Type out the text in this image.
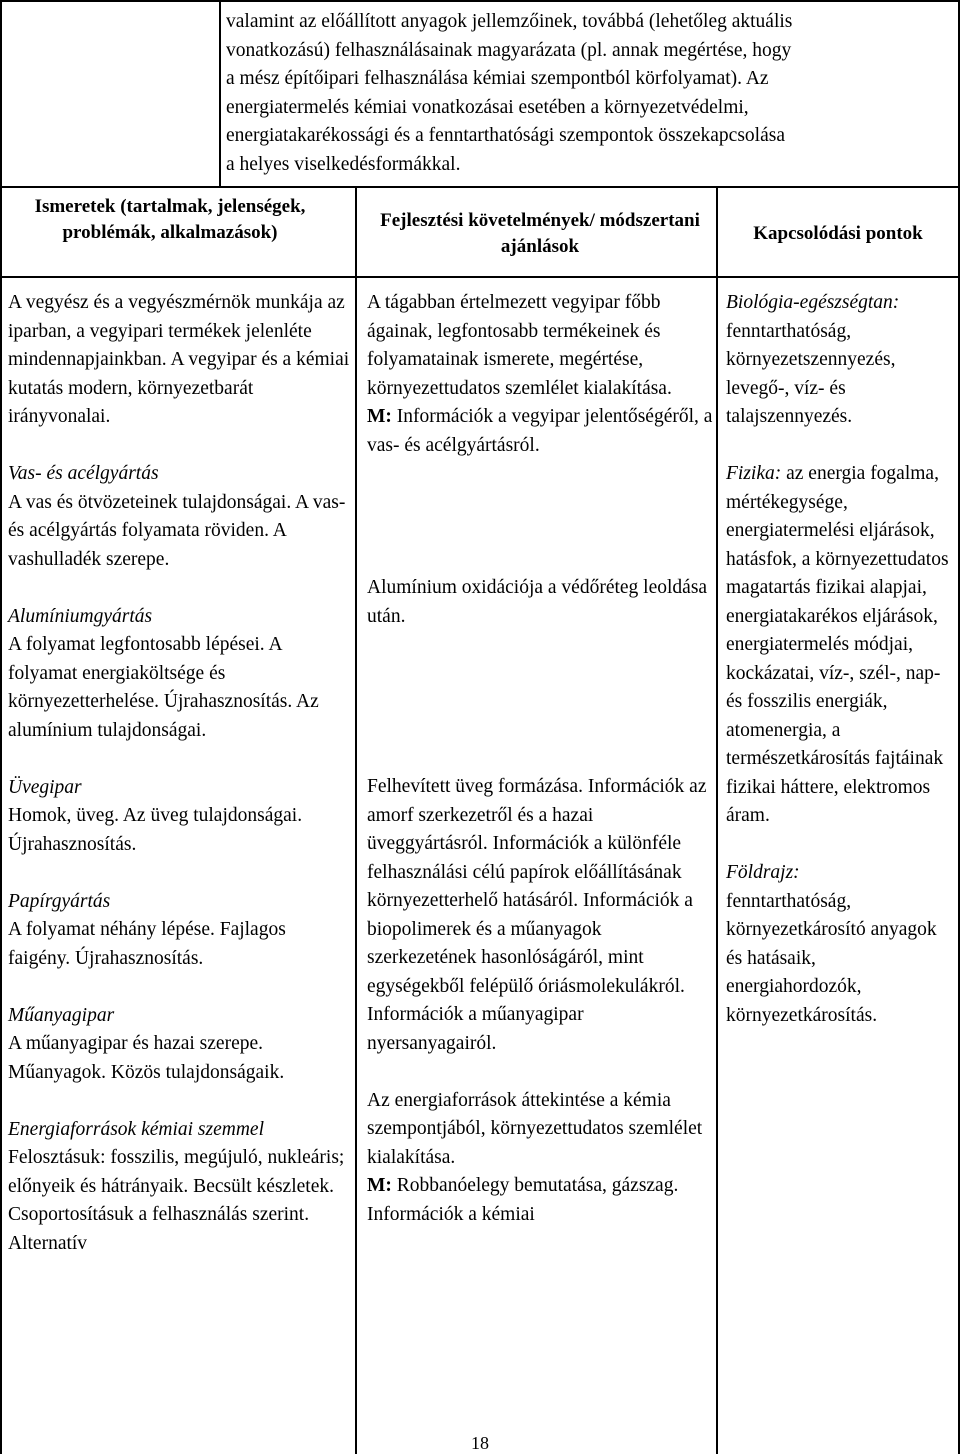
valamint az előállított anyagok jellemzőinek, továbbá (lehetőleg aktuális
vonatkozású) felhasználásainak magyarázata (pl. annak megértése, hogy
a mész építőipari felhasználása kémiai szempontból körfolyamat). Az
energiatermelés kémiai vonatkozásai esetében a környezetvédelmi,
energiatakarékossági és a fenntarthatósági szempontok összekapcsolása
a helyes viselkedésformákkal.
Ismeretek (tartalmak, jelenségek, problémák, alkalmazások)
Fejlesztési követelmények/ módszertani ajánlások
Kapcsolódási pontok

A vegyész és a vegyészmérnök munkája az iparban, a vegyipari termékek jelenléte mindennapjainkban. A vegyipar és a kémiai kutatás modern, környezetbarát irányvonalai.

Vas- és acélgyártás

A vas és ötvözeteinek tulajdonságai. A vas- és acélgyártás folyamata röviden. A vashulladék szerepe.

Alumíniumgyártás

A folyamat legfontosabb lépései. A folyamat energiaköltsége és környezetterhelése. Újrahasznosítás. Az alumínium tulajdonságai.

Üvegipar

Homok, üveg. Az üveg tulajdonságai. Újrahasznosítás.

Papírgyártás

A folyamat néhány lépése. Fajlagos faigény. Újrahasznosítás.

Műanyagipar

A műanyagipar és hazai szerepe. Műanyagok. Közös tulajdonságaik.

Energiaforrások kémiai szemmel

Felosztásuk: fosszilis, megújuló, nukleáris; előnyeik és hátrányaik. Becsült készletek. Csoportosításuk a felhasználás szerint. Alternatív

A tágabban értelmezett vegyipar főbb ágainak, legfontosabb termékeinek és folyamatainak ismerete, megértése, környezettudatos szemlélet kialakítása.

M: Információk a vegyipar jelentőségéről, a vas- és acélgyártásról.

Alumínium oxidációja a védőréteg leoldása után.

Felhevített üveg formázása. Információk az amorf szerkezetről és a hazai üveggyártásról. Információk a különféle felhasználási célú papírok előállításának környezetterhelő hatásáról. Információk a biopolimerek és a műanyagok szerkezetének hasonlóságáról, mint egységekből felépülő óriásmolekulákról. Információk a műanyagipar nyersanyagairól.

Az energiaforrások áttekintése a kémia szempontjából, környezettudatos szemlélet kialakítása.

M: Robbanóelegy bemutatása, gázszag. Információk a kémiai

Biológia-egészségtan:
fenntarthatóság, környezetszennyezés, levegő-, víz- és talajszennyezés.

Fizika: az energia fogalma, mértékegysége, energiatermelési eljárások, hatásfok, a környezettudatos magatartás fizikai alapjai, energiatakarékos eljárások, energiatermelés módjai, kockázatai, víz-, szél-, nap- és fosszilis energiák, atomenergia, a természetkárosítás fajtáinak fizikai háttere, elektromos áram.

Földrajz:
fenntarthatóság, környezetkárosító anyagok és hatásaik, energiahordozók, környezetkárosítás.

18
